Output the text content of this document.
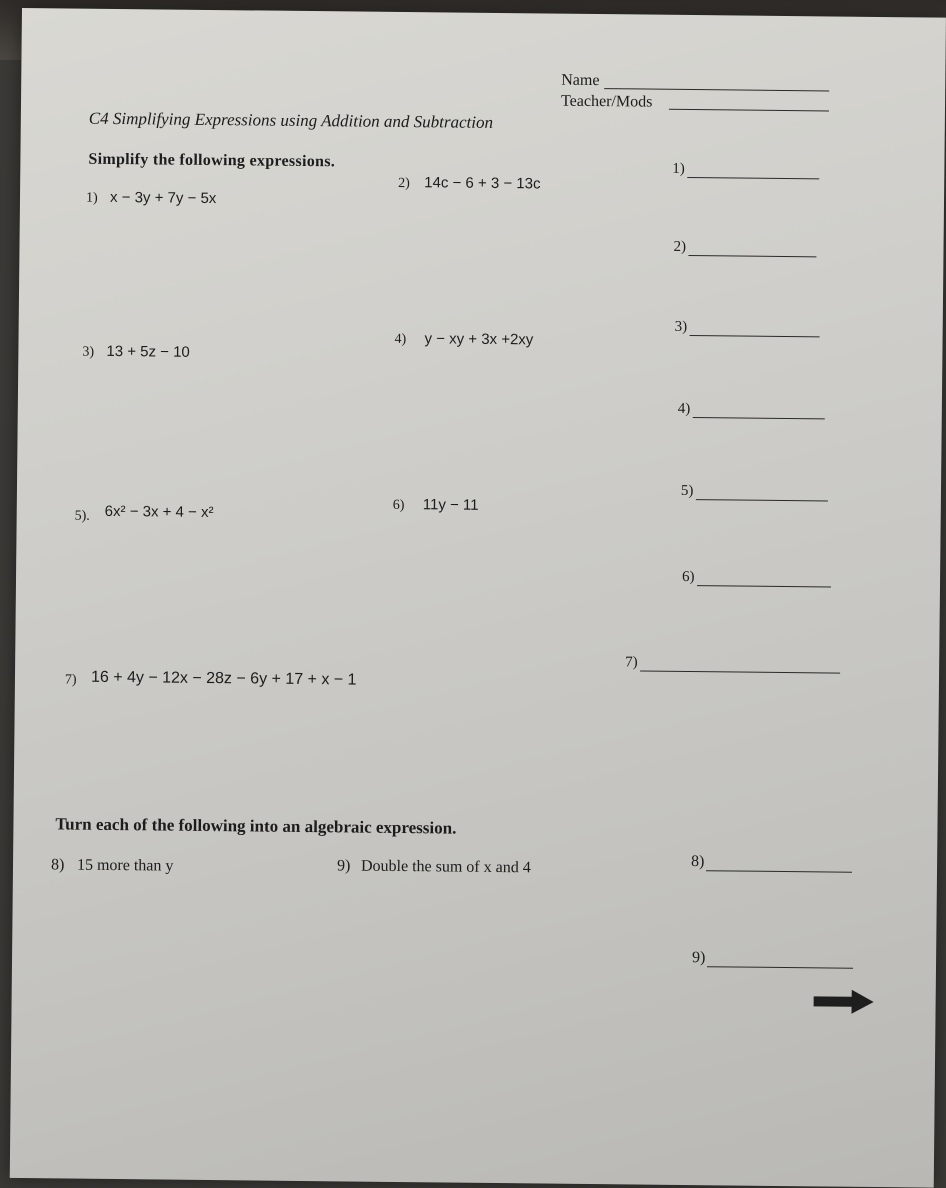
Name
Teacher/Mods
C4 Simplifying Expressions using Addition and Subtraction
Simplify the following expressions.
1) x − 3y + 7y − 5x
2) 14c − 6 + 3 − 13c
3) 13 + 5z − 10
4) y − xy + 3x +2xy
5). 6x² − 3x + 4 − x²	6) 11y − 11
7) 16 + 4y − 12x − 28z − 6y + 17 + x − 1
1)
2)
3)
4)
5)
6)
7)
Turn each of the following into an algebraic expression.
8) 15 more than y	9) Double the sum of x and 4	8)
9)
